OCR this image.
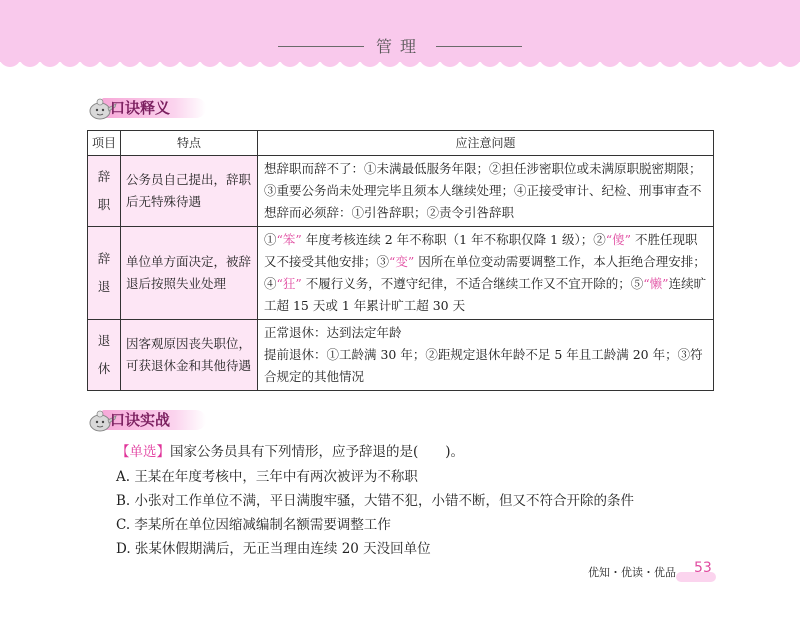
管理
口诀释义
项目	特点	应注意问题
辞职	公务员自己提出，辞职后无特殊待遇	想辞职而辞不了：①未满最低服务年限；②担任涉密职位或未满原职脱密期限；③重要公务尚未处理完毕且须本人继续处理；④正接受审计、纪检、刑事审查不想辞而必须辞：①引咎辞职；②责令引咎辞职

辞退	单位单方面决定，被辞退后按照失业处理	①“笨” 年度考核连续 2 年不称职（1 年不称职仅降 1 级）；②“傻” 不胜任现职又不接受其他安排；③“变” 因所在单位变动需要调整工作，本人拒绝合理安排；④“狂” 不履行义务，不遵守纪律，不适合继续工作又不宜开除的；⑤“懒”连续旷工超 15 天或 1 年累计旷工超 30 天

退休	因客观原因丧失职位，可获退休金和其他待遇	正常退休：达到法定年龄
提前退休：①工龄满 30 年；②距规定退休年龄不足 5 年且工龄满 20 年；③符合规定的其他情况
口诀实战
【单选】国家公务员具有下列情形，应予辞退的是(　　)。
A. 王某在年度考核中，三年中有两次被评为不称职
B. 小张对工作单位不满，平日满腹牢骚，大错不犯，小错不断，但又不符合开除的条件
C. 李某所在单位因缩减编制名额需要调整工作
D. 张某休假期满后，无正当理由连续 20 天没回单位
优知・优读・优品 53
